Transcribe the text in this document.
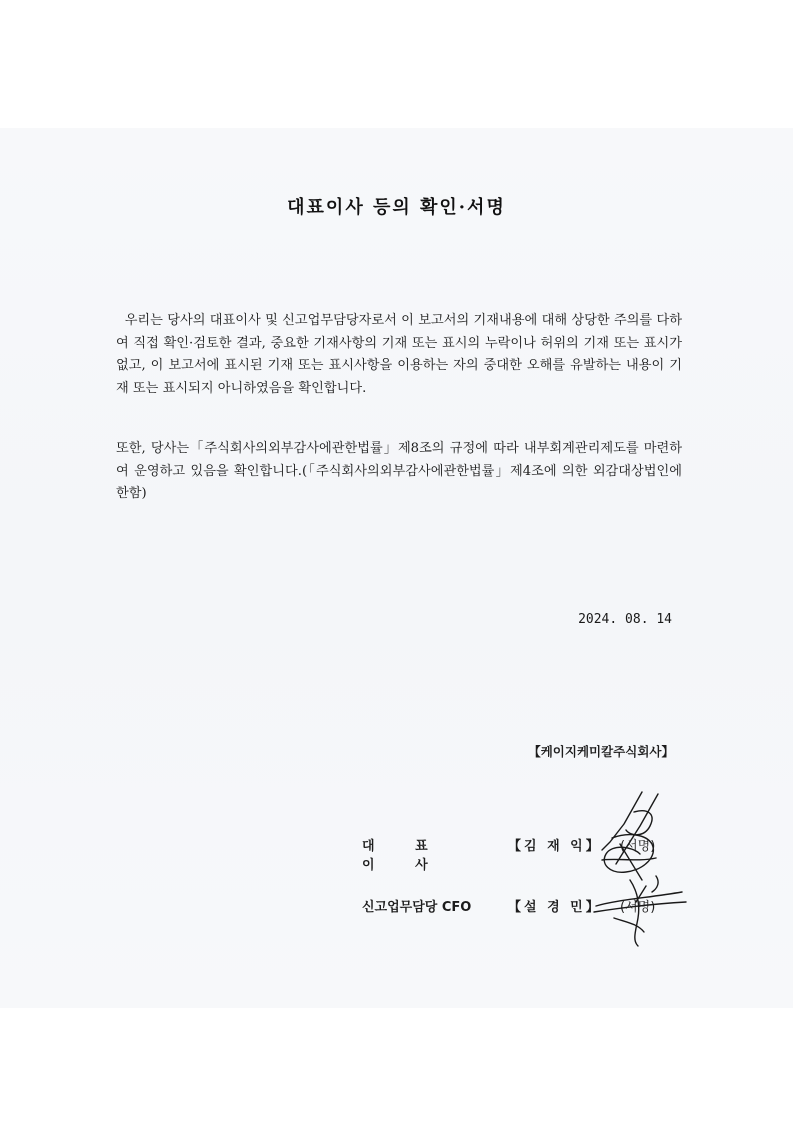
대표이사 등의 확인·서명
우리는 당사의 대표이사 및 신고업무담당자로서 이 보고서의 기재내용에 대해 상당한 주의를 다하여 직접 확인·검토한 결과, 중요한 기재사항의 기재 또는 표시의 누락이나 허위의 기재 또는 표시가 없고, 이 보고서에 표시된 기재 또는 표시사항을 이용하는 자의 중대한 오해를 유발하는 내용이 기재 또는 표시되지 아니하였음을 확인합니다.
또한, 당사는「주식회사의외부감사에관한법률」제8조의 규정에 따라 내부회계관리제도를 마련하여 운영하고 있음을 확인합니다.(「주식회사의외부감사에관한법률」제4조에 의한 외감대상법인에 한함)
2024. 08. 14
【케이지케미칼주식회사】
대 표 이 사
【김 재 익】 (서명)
신고업무담당 CFO	【설 경 민】 (서명)
